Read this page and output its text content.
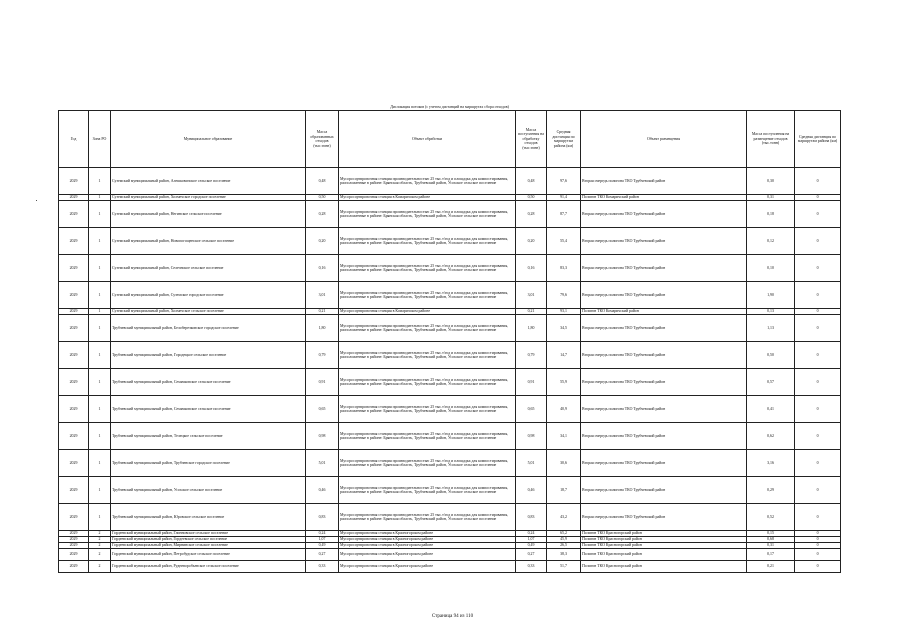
Дислокация потоков (с учетом дистанций на маршрутах сбора отходов)									
Год	Зона РО	Муниципальное образование	Масса образованных отходов (тыс.тонн)	Объект обработки	Масса поступления на обработку отходов (тыс.тонн)	Средняя дистанция по маршрутам района (км)	Объект размещения	Масса поступления на размещение отходов (тыс.тонн)	Средняя дистанция по маршрутам района (км)
2029	1	Суземский муниципальный район, Алешковичское сельское поселение	0,48	Мусоросортировочная станция производительностью 25 тыс.т/год и площадка для компостирования, расположенные в районе: Брянская область, Трубчевский район, Усохское сельское поселение	0,48	97,6	Вторая очередь полигона ТКО Трубчевский район	0,30	0
2029	1	Суземский муниципальный район, Холмечское городское поселение	0,50	Мусоросортировочная станция в Комаричском районе	0,50	91,4	Полигон ТКО Комаричский район	0,31	0
2029	1	Суземский муниципальный район, Негинское сельское поселение	0,28	Мусоросортировочная станция производительностью 25 тыс.т/год и площадка для компостирования, расположенные в районе: Брянская область, Трубчевский район, Усохское сельское поселение	0,28	87,7	Вторая очередь полигона ТКО Трубчевский район	0,18	0
2029	1	Суземский муниципальный район, Новопогощенское сельское поселение	0,20	Мусоросортировочная станция производительностью 25 тыс.т/год и площадка для компостирования, расположенные в районе: Брянская область, Трубчевский район, Усохское сельское поселение	0,20	55,4	Вторая очередь полигона ТКО Трубчевский район	0,12	0
2029	1	Суземский муниципальный район, Селечнское сельское поселение	0,16	Мусоросортировочная станция производительностью 25 тыс.т/год и площадка для компостирования, расположенные в районе: Брянская область, Трубчевский район, Усохское сельское поселение	0,16	83,3	Вторая очередь полигона ТКО Трубчевский район	0,10	0
2029	1	Суземский муниципальный район, Суземское городское поселение	3,01	Мусоросортировочная станция производительностью 25 тыс.т/год и площадка для компостирования, расположенные в районе: Брянская область, Трубчевский район, Усохское сельское поселение	3,01	79,6	Вторая очередь полигона ТКО Трубчевский район	1,90	0
2029	1	Суземский муниципальный район, Холмечское сельское поселение	0,21	Мусоросортировочная станция в Комаричском районе	0,21	93,1	Полигон ТКО Комаричский район	0,13	0
2029	1	Трубчевский муниципальный район, Белоберезковское городское поселение	1,80	Мусоросортировочная станция производительностью 25 тыс.т/год и площадка для компостирования, расположенные в районе: Брянская область, Трубчевский район, Усохское сельское поселение	1,80	34,5	Вторая очередь полигона ТКО Трубчевский район	1,13	0
2029	1	Трубчевский муниципальный район, Городецкое сельское поселение	0,79	Мусоросортировочная станция производительностью 25 тыс.т/год и площадка для компостирования, расположенные в районе: Брянская область, Трубчевский район, Усохское сельское поселение	0,79	14,7	Вторая очередь полигона ТКО Трубчевский район	0,50	0
2029	1	Трубчевский муниципальный район, Семячковское сельское поселение	0,91	Мусоросортировочная станция производительностью 25 тыс.т/год и площадка для компостирования, расположенные в районе: Брянская область, Трубчевский район, Усохское сельское поселение	0,91	55,9	Вторая очередь полигона ТКО Трубчевский район	0,57	0
2029	1	Трубчевский муниципальный район, Семячковское сельское поселение	0,65	Мусоросортировочная станция производительностью 25 тыс.т/год и площадка для компостирования, расположенные в районе: Брянская область, Трубчевский район, Усохское сельское поселение	0,65	40,9	Вторая очередь полигона ТКО Трубчевский район	0,41	0
2029	1	Трубчевский муниципальный район, Телецкое сельское поселение	0,98	Мусоросортировочная станция производительностью 25 тыс.т/год и площадка для компостирования, расположенные в районе: Брянская область, Трубчевский район, Усохское сельское поселение	0,98	34,1	Вторая очередь полигона ТКО Трубчевский район	0,62	0
2029	1	Трубчевский муниципальный район, Трубчевское городское поселение	5,01	Мусоросортировочная станция производительностью 25 тыс.т/год и площадка для компостирования, расположенные в районе: Брянская область, Трубчевский район, Усохское сельское поселение	5,01	30,6	Вторая очередь полигона ТКО Трубчевский район	3,16	0
2029	1	Трубчевский муниципальный район, Усохское сельское поселение	0,46	Мусоросортировочная станция производительностью 25 тыс.т/год и площадка для компостирования, расположенные в районе: Брянская область, Трубчевский район, Усохское сельское поселение	0,46	18,7	Вторая очередь полигона ТКО Трубчевский район	0,29	0
2029	1	Трубчевский муниципальный район, Юровское сельское поселение	0,83	Мусоросортировочная станция производительностью 25 тыс.т/год и площадка для компостирования, расположенные в районе: Брянская область, Трубчевский район, Усохское сельское поселение	0,83	43,2	Вторая очередь полигона ТКО Трубчевский район	0,52	0
2029	2	Гордеевский муниципальный район, Глинновское сельское поселение	0,24	Мусоросортировочная станция в Красногорском районе	0,24	65,2	Полигон ТКО Красногорский район	0,15	0
2029	2	Гордеевский муниципальный район, Гордеевское сельское поселение	1,07	Мусоросортировочная станция в Красногорском районе	1,07	45,9	Полигон ТКО Красногорский район	0,68	0
2029	2	Гордеевский муниципальный район, Мирнинское сельское поселение	0,49	Мусоросортировочная станция в Красногорском районе	0,49	26,5	Полигон ТКО Красногорский район	0,31	0
2029	2	Гордеевский муниципальный район, Петробудское сельское поселение	0,27	Мусоросортировочная станция в Красногорском районе	0,27	38,3	Полигон ТКО Красногорский район	0,17	0
2029	2	Гордеевский муниципальный район, Рудневоробьевское сельское поселение	0,33	Мусоросортировочная станция в Красногорском районе	0,33	51,7	Полигон ТКО Красногорский район	0,21	0
Страница 94 из 110
